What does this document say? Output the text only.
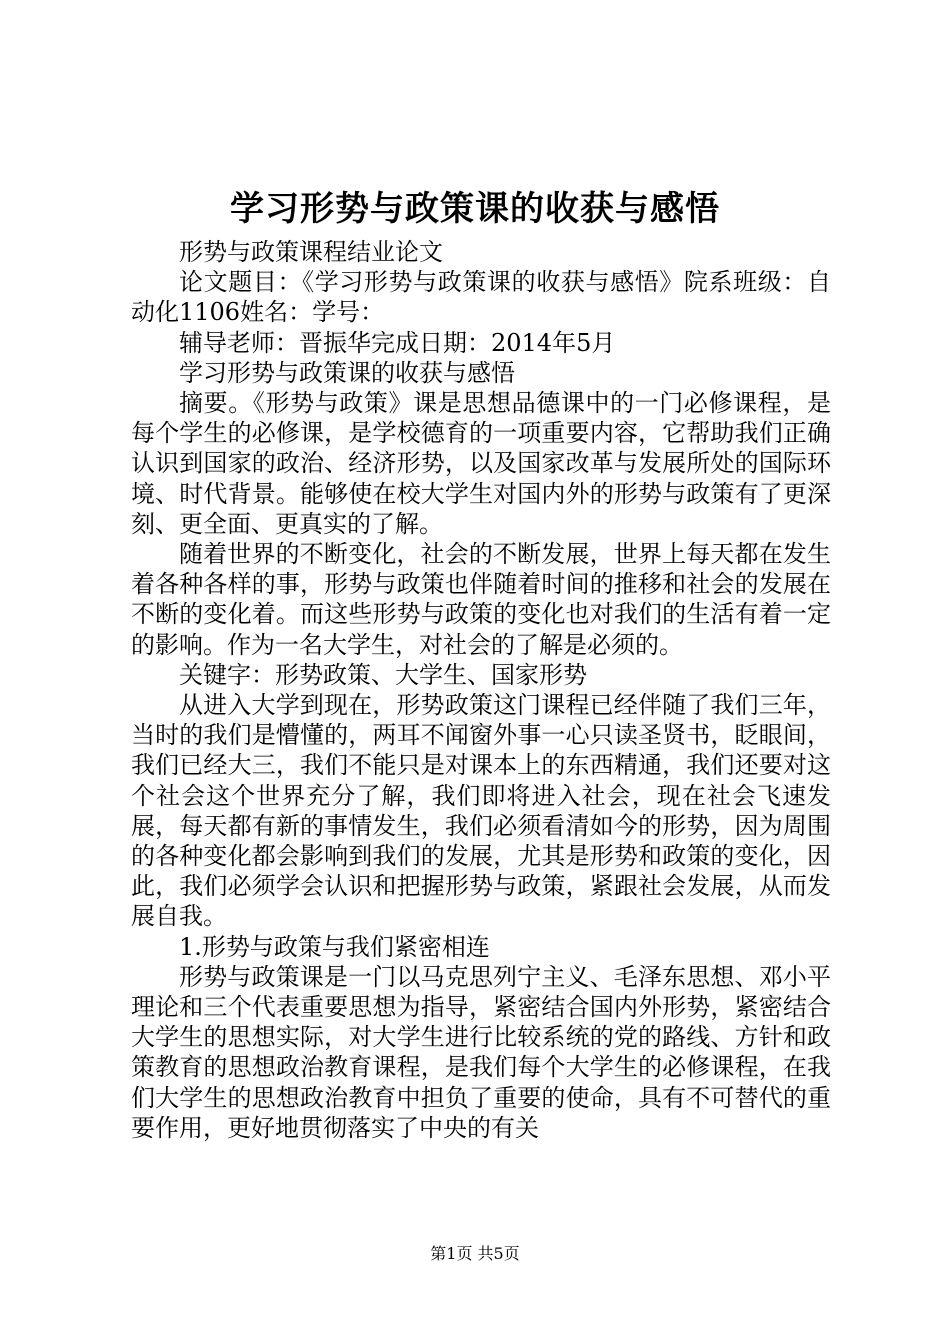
学习形势与政策课的收获与感悟

形势与政策课程结业论文

论文题目：《学习形势与政策课的收获与感悟》院系班级：自动化1106姓名：学号：

辅导老师：晋振华完成日期：2014年5月

学习形势与政策课的收获与感悟

摘要。《形势与政策》课是思想品德课中的一门必修课程，是每个学生的必修课，是学校德育的一项重要内容，它帮助我们正确认识到国家的政治、经济形势，以及国家改革与发展所处的国际环境、时代背景。能够使在校大学生对国内外的形势与政策有了更深刻、更全面、更真实的了解。

随着世界的不断变化，社会的不断发展，世界上每天都在发生着各种各样的事，形势与政策也伴随着时间的推移和社会的发展在不断的变化着。而这些形势与政策的变化也对我们的生活有着一定的影响。作为一名大学生，对社会的了解是必须的。

关键字：形势政策、大学生、国家形势

从进入大学到现在，形势政策这门课程已经伴随了我们三年，当时的我们是懵懂的，两耳不闻窗外事一心只读圣贤书，眨眼间，我们已经大三，我们不能只是对课本上的东西精通，我们还要对这个社会这个世界充分了解，我们即将进入社会，现在社会飞速发展，每天都有新的事情发生，我们必须看清如今的形势，因为周围的各种变化都会影响到我们的发展，尤其是形势和政策的变化，因此，我们必须学会认识和把握形势与政策，紧跟社会发展，从而发展自我。

1.形势与政策与我们紧密相连

形势与政策课是一门以马克思列宁主义、毛泽东思想、邓小平理论和三个代表重要思想为指导，紧密结合国内外形势，紧密结合大学生的思想实际，对大学生进行比较系统的党的路线、方针和政策教育的思想政治教育课程，是我们每个大学生的必修课程，在我们大学生的思想政治教育中担负了重要的使命，具有不可替代的重要作用，更好地贯彻落实了中央的有关

第1页 共5页
